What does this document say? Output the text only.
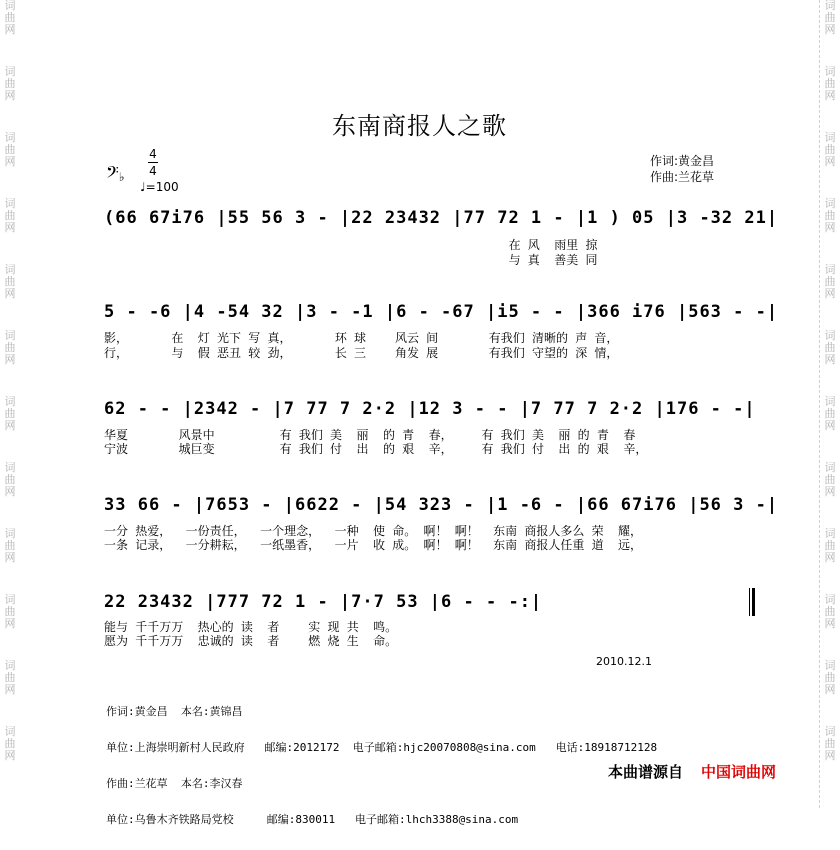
词
曲
网
词
曲
网
词
曲
网
词
曲
网
词
曲
网
词
曲
网
词
曲
网
词
曲
网
词
曲
网
词
曲
网
词
曲
网
词
曲
网
词
曲
网
词
曲
网
词
曲
网
词
曲
网
词
曲
网
词
曲
网
词
曲
网
词
曲
网
词
曲
网
词
曲
网
词
曲
网
词
曲
网
东南商报人之歌
作词:黄金昌
作曲:兰花草
𝄢♭
4
4
♩=100
(66 67i76 |55 56 3 - |22 23432 |77 72 1 - |1 ) 05 |3 -32 21|
在 风  雨里 掠
与 真  善美 同
5 - -6 |4 -54 32 |3 - -1 |6 - -67 |i5 - - |366 i76 |563 - -|
影，      在  灯 光下 写 真，      环 球    风云 间       有我们 清晰的 声 音，
行，      与  假 恶丑 较 劲，      长 三    角发 展       有我们 守望的 深 情，
62 - - |2342 - |7 77 7 2·2 |12 3 - - |7 77 7 2·2 |176 - -|
华夏       风景中         有 我们 美  丽  的 青  春，    有 我们 美  丽 的 青  春
宁波       城巨变         有 我们 付  出  的 艰  辛，    有 我们 付  出 的 艰  辛，
33 66 - |7653 - |6622 - |54 323 - |1 -6 - |66 67i76 |56 3 -|
一分 热爱，  一份责任，  一个理念，  一种  使 命。 啊！ 啊！  东南 商报人多么 荣  耀，
一条 记录，  一分耕耘，  一纸墨香，  一片  收 成。 啊！ 啊！  东南 商报人任重 道  远，
22 23432 |777 72 1 - |7·7 53 |6 - - -:|
能与 千千万万  热心的 读  者    实 现 共  鸣。
愿为 千千万万  忠诚的 读  者    燃 烧 生  命。
2010.12.1

作词:黄金昌  本名:黄锦昌

单位:上海崇明新村人民政府   邮编:2012172  电子邮箱:hjc20070808@sina.com   电话:18918712128

作曲:兰花草  本名:李汉春

单位:乌鲁木齐铁路局党校     邮编:830011   电子邮箱:lhch3388@sina.com

本曲谱源自 中国词曲网
